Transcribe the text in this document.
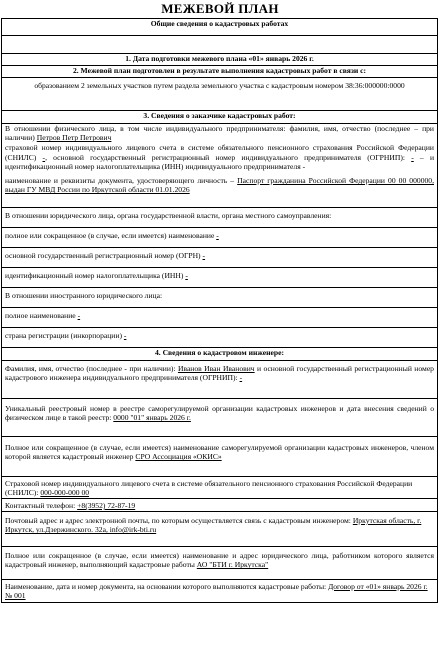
МЕЖЕВОЙ ПЛАН
Общие сведения о кадастровых работах

1. Дата подготовки межевого плана «01» январь 2026 г.
2. Межевой план подготовлен в результате выполнения кадастровых работ в связи с:
образованием 2 земельных участков путем раздела земельного участка с кадастровым номером 38:36:000000:0000
3. Сведения о заказчике кадастровых работ:

В отношении физического лица, в том числе индивидуального предпринимателя: фамилия, имя, отчество (последнее – при наличии) Петров Петр Петрович

страховой номер индивидуального лицевого счета в системе обязательного пенсионного страхования Российской Федерации (СНИЛС) -, основной государственный регистрационный номер индивидуального предпринимателя (ОГРНИП): - – и идентификационный номер налогоплательщика (ИНН) индивидуального предпринимателя -

наименование и реквизиты документа, удостоверяющего личность – Паспорт гражданина Российской Федерации 00 00 000000, выдан ГУ МВД России по Иркутской области 01.01.2026

В отношении юридического лица, органа государственной власти, органа местного самоуправления:

полное или сокращенное (в случае, если имеется) наименование -

основной государственный регистрационный номер (ОГРН) -

идентификационный номер налогоплательщика (ИНН) -

В отношении иностранного юридического лица:

полное наименование -

страна регистрации (инкорпорации) -

4. Сведения о кадастровом инженере:

Фамилия, имя, отчество (последнее - при наличии): Иванов Иван Иванович и основной государственный регистрационный номер кадастрового инженера индивидуального предпринимателя (ОГРНИП): -

Уникальный реестровый номер в реестре саморегулируемой организации кадастровых инженеров и дата внесения сведений о физическом лице в такой реестр: 0000 "01" январь 2026 г.

Полное или сокращенное (в случае, если имеется) наименование саморегулируемой организации кадастровых инженеров, членом которой является кадастровый инженер СРО Ассоциация «ОКИС»

Страховой номер индивидуального лицевого счета в системе обязательного пенсионного страхования Российской Федерации (СНИЛС): 000-000-000 00

Контактный телефон: +8(3952) 72-87-19

Почтовый адрес и адрес электронной почты, по которым осуществляется связь с кадастровым инженером: Иркутская область, г. Иркутск, ул.Дзержинского. 32а, info@irk-bti.ru

Полное или сокращенное (в случае, если имеется) наименование и адрес юридического лица, работником которого является кадастровый инженер, выполняющий кадастровые работы АО "БТИ г. Иркутска"

Наименование, дата и номер документа, на основании которого выполняются кадастровые работы: Договор от «01» январь 2026 г. № 001
